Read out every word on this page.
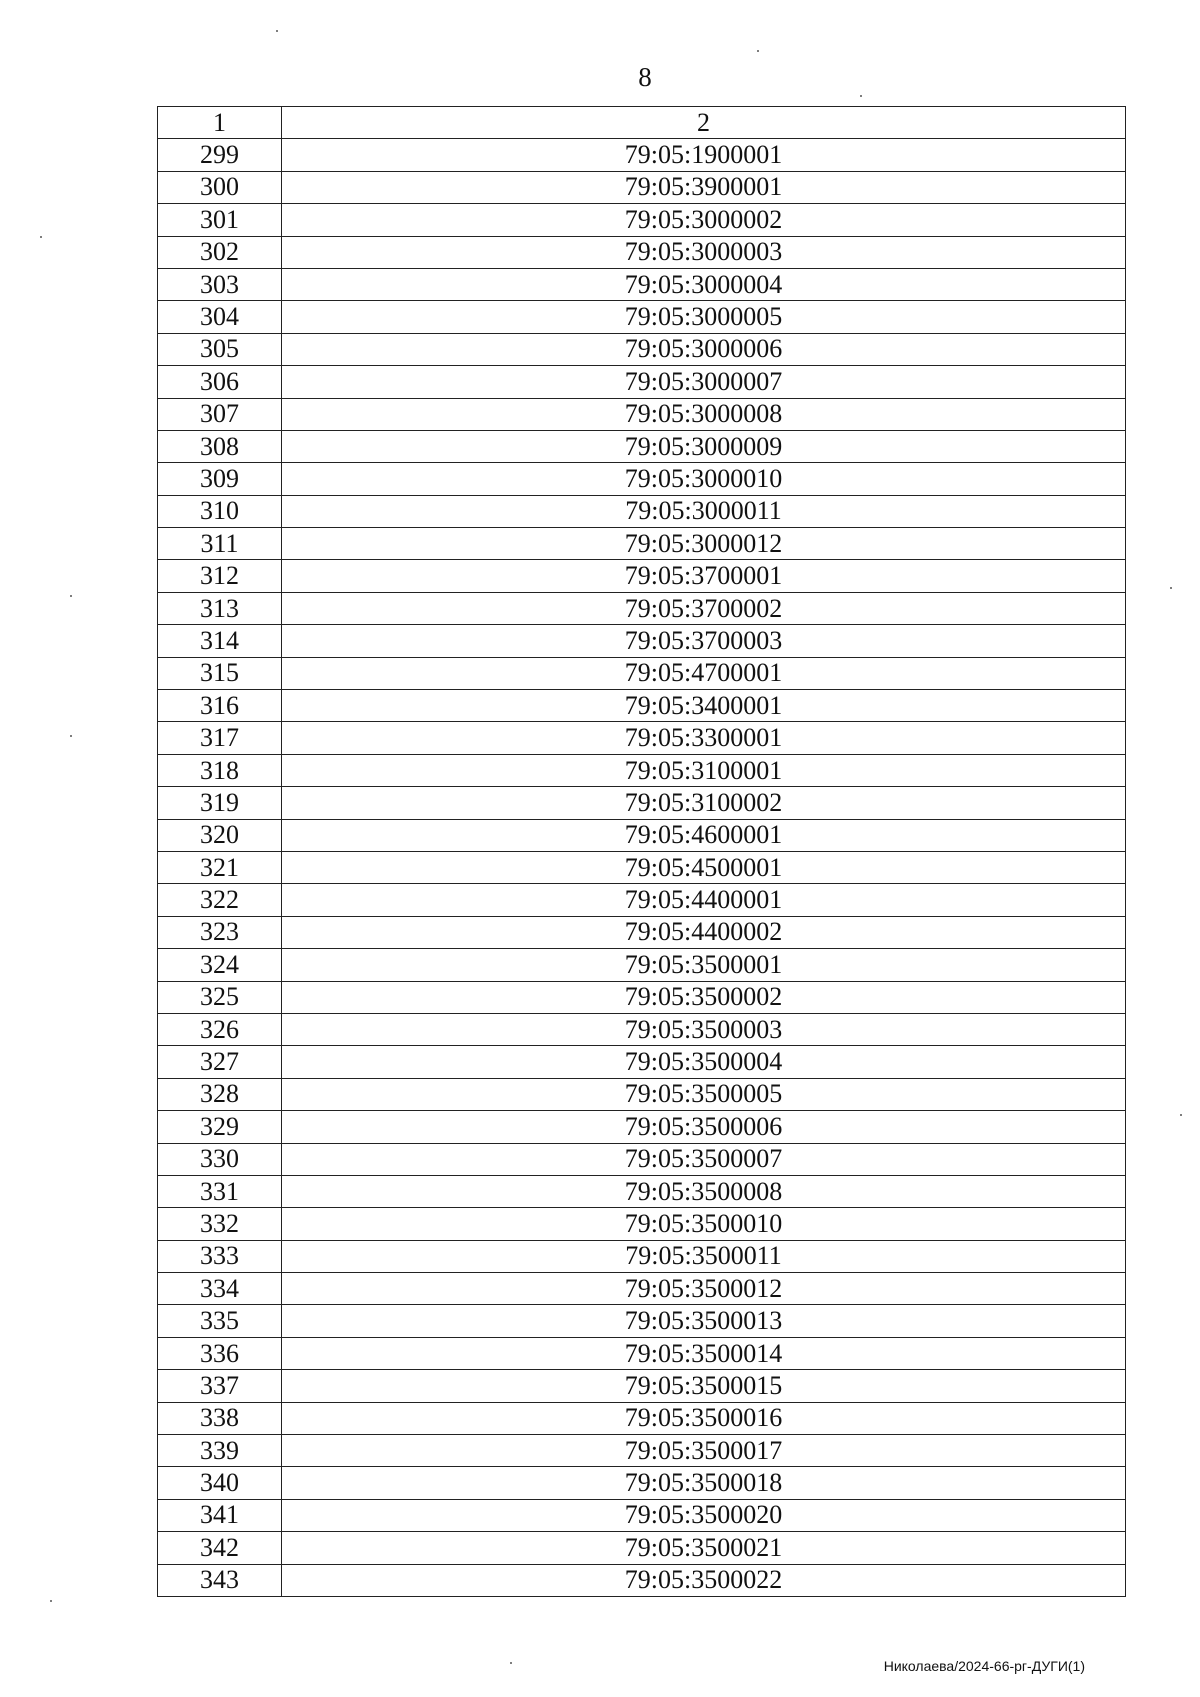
8
1	2
299	79:05:1900001
300	79:05:3900001
301	79:05:3000002
302	79:05:3000003
303	79:05:3000004
304	79:05:3000005
305	79:05:3000006
306	79:05:3000007
307	79:05:3000008
308	79:05:3000009
309	79:05:3000010
310	79:05:3000011
311	79:05:3000012
312	79:05:3700001
313	79:05:3700002
314	79:05:3700003
315	79:05:4700001
316	79:05:3400001
317	79:05:3300001
318	79:05:3100001
319	79:05:3100002
320	79:05:4600001
321	79:05:4500001
322	79:05:4400001
323	79:05:4400002
324	79:05:3500001
325	79:05:3500002
326	79:05:3500003
327	79:05:3500004
328	79:05:3500005
329	79:05:3500006
330	79:05:3500007
331	79:05:3500008
332	79:05:3500010
333	79:05:3500011
334	79:05:3500012
335	79:05:3500013
336	79:05:3500014
337	79:05:3500015
338	79:05:3500016
339	79:05:3500017
340	79:05:3500018
341	79:05:3500020
342	79:05:3500021
343	79:05:3500022
Николаева/2024-66-рг-ДУГИ(1)
